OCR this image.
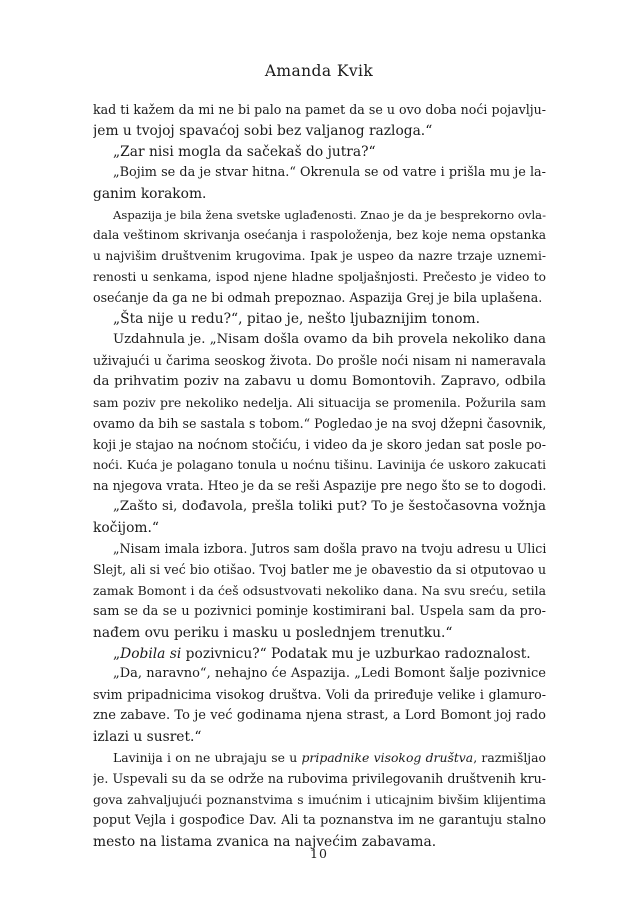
Amanda Kvik
kad ti kažem da mi ne bi palo na pamet da se u ovo doba noći pojavlju-
jem u tvojoj spavaćoj sobi bez valjanog razloga.“
„Zar nisi mogla da sačekaš do jutra?“
„Bojim se da je stvar hitna.“ Okrenula se od vatre i prišla mu je la-
ganim korakom.
Aspazija je bila žena svetske uglađenosti. Znao je da je besprekorno ovla-
dala veštinom skrivanja osećanja i raspoloženja, bez koje nema opstanka
u najvišim društvenim krugovima. Ipak je uspeo da nazre trzaje uznemi-
renosti u senkama, ispod njene hladne spoljašnjosti. Prečesto je video to
osećanje da ga ne bi odmah prepoznao. Aspazija Grej je bila uplašena.
„Šta nije u redu?“, pitao je, nešto ljubaznijim tonom.
Uzdahnula je. „Nisam došla ovamo da bih provela nekoliko dana
uživajući u čarima seoskog života. Do prošle noći nisam ni nameravala
da prihvatim poziv na zabavu u domu Bomontovih. Zapravo, odbila
sam poziv pre nekoliko nedelja. Ali situacija se promenila. Požurila sam
ovamo da bih se sastala s tobom.“ Pogledao je na svoj džepni časovnik,
koji je stajao na noćnom stočiću, i video da je skoro jedan sat posle po-
noći. Kuća je polagano tonula u noćnu tišinu. Lavinija će uskoro zakucati
na njegova vrata. Hteo je da se reši Aspazije pre nego što se to dogodi.
„Zašto si, dođavola, prešla toliki put? To je šestočasovna vožnja
kočijom.“
„Nisam imala izbora. Jutros sam došla pravo na tvoju adresu u Ulici
Slejt, ali si već bio otišao. Tvoj batler me je obavestio da si otputovao u
zamak Bomont i da ćeš odsustvovati nekoliko dana. Na svu sreću, setila
sam se da se u pozivnici pominje kostimirani bal. Uspela sam da pro-
nađem ovu periku i masku u poslednjem trenutku.“
„Dobila si pozivnicu?“ Podatak mu je uzburkao radoznalost.
„Da, naravno“, nehajno će Aspazija. „Ledi Bomont šalje pozivnice
svim pripadnicima visokog društva. Voli da priređuje velike i glamuro-
zne zabave. To je već godinama njena strast, a Lord Bomont joj rado
izlazi u susret.“
Lavinija i on ne ubrajaju se u pripadnike visokog društva, razmišljao
je. Uspevali su da se održe na rubovima privilegovanih društvenih kru-
gova zahvaljujući poznanstvima s imućnim i uticajnim bivšim klijentima
poput Vejla i gospođice Dav. Ali ta poznanstva im ne garantuju stalno
mesto na listama zvanica na najvećim zabavama.
10
